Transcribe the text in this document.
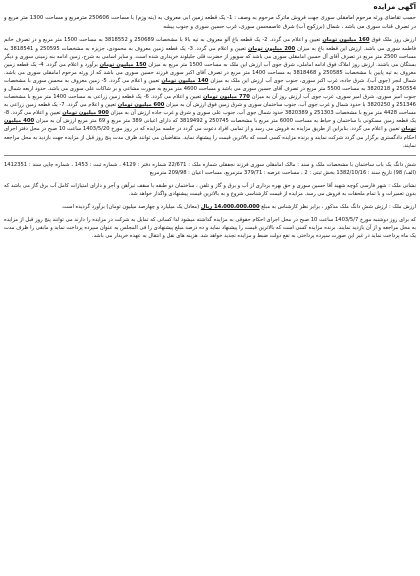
آگهی مزایده
حسب تقاضای ورثه مرحوم امامقلی سوری جهت فروش ماترک مرحوم به وصف : 1- یک قطعه زمین ابی معروف به (بنه وزم) با مساحت 250606 مترمربع و مساحت 1300 متر مربع و در تصرف قنات سوری می باشد ، شمال (برزکوچ آب) شرق عاصمحسن سوری، غرب حسین سوری و جنوب بیشه
ارزش روز ملک فوق 160 میلیون تومان تعیین و اعلام می گردد. 2- یک قطعه باغ آلو معروف به تپه بالا با مشخصات 250689 و 3818552 به مساحت 1500 متر مربع و در تصرف خانم فاطمه سوری می باشد. ارزش این قطعه باغ به میزان 200 میلیون تومان تعیین و اعلام می گردد. 3- یک قطعه زمین معروف به محمودی، جزیزه به مشخصات 250595 و 3818541 به مساحت 2500 متر مربع در تصرف آقای آل حسین امامقلی سوری می باشد که سوپور از حضرت قلی جلیلوند خریداری شده است. و سایر اسامی به شرح، زمین ادامه بنه زمینی سوری و دیگر بستگان می باشند. ارزش روز املاک فوق ادامه اماملی، شرق جوی آب ارزش این ملک به مساحت 1500 متر مربع به میزان 150 میلیون تومان برآورد و اعلام می گردد. 4- یک قطعه زمین معروف به تپه پایین با مشخصات 250585 و 3818468 به مساحت 1400 متر مربع در تصرف آقای اکبر سوری فرزند حسین سوری می باشد که از ورثه مرحوم امامقلی سوری می باشد. شمال لنجر (جوی آب)، شرق جاده، غرب اکبر سوری، جنوب جوی آب ارزش این ملک به میزان 140 میلیون تومان تعیین و اعلام می گردد. 5- زمین معروف به محسن سوری با مشخصات 250554 و 3820218 به مساحت 5500 متر مربع در تصرف آقای حسین سوری می باشد و مساحت 4600 متر مربع به صورت مشاعی و بر شاکات علی سوری می باشد. حدود اربعه شمال و جنوب امیر سوری، شرق امیر سوری، غرب جوی آب ارزش روز آن به میزان 770 میلیون تومان تعیین و اعلام می گردد. 6- یک قطعه زمین زراعی به مساحت 1400 متر مربع با مشخصات 251346 و 3820250 با حدود شمال و غرب جوی آب، جنوب ساختمان سوری و شرق زمین فوق ارزش آن به میزان 600 میلیون تومان تعیین و اعلام می گردد. 7- یک قطعه زمین زراعی به مساحت 4428 متر مربع با مشخصات 251303 و 3820389 حدود شمال جوی آب، جنوب علی سوری و شرق و غرب جاده ارزش آن به میزان 900 میلیون تومان تعیین و اعلام می گردد. 8- یک قطعه زمین مسکونی با ساختمان و حیاط به مساحت 6000 متر مربع با مشخصات 250745 و 3819492 که دارای اعیانی 389 متر مربع و 69 متر مربع ارزش آن به میزان 400 میلیون تومان تعیین و اعلام می گردد. بنابراین از طریق مزایده به فروش می رسد و از تمامی افراد دعوت می گردد در جلسه مزایده که در روز مورخ 1403/5/20 ساعت 10 صبح در محل دفتر اجرای احکام دادگستری برگزار می گردد شرکت نمایند و برنده مزایده کسی است که بالاترین قیمت را پیشنهاد نماید. متقاضیان می توانند ظرف مدت پنج روز قبل از مزایده جهت بازدید به محل مراجعه نمایند.
شش دانگ یک باب ساختمان با مشخصات ملک و سند : مالک امامقلی سوری فرزند نجفقلی شماره ملک : 22/671 شماره دفتر : 4129 ، شماره ثبت : 1453 ، شماره چاپی سند : 1412351 (الف/ 98) تاریخ سند : 1382/10/16 بخش ثبتی : 2 ، مساحت عرصه : 379/71 مترمربع، مساحت اعیان : 209/98 مترمربع
نشانی ملک : شهر فارسی کوچه شهید آقا حسین سوری و حق بهره برداری از آب و برق و گاز و تلفن ، ساختمان دو طبقه با سقف تیرآهن و آجر و دارای امتیازات کامل آب برق گاز می باشد که بدون تعمیرات و با تمام ملحقات به فروش می رسد. مزایده از قیمت کارشناسی شروع و به بالاترین قیمت پیشنهادی واگذار خواهد شد.
ارزش ملک : ارزش شش دانگ ملک مذکور ، برابر نظر کارشناس به مبلغ 14،000،000،000 ریال (معادل یک میلیارد و چهارصد میلیون تومان) برآورد گردیده است.
که برای روز دوشنبه مورخ 1403/5/7 ساعت 10 صبح در محل اجرای احکام حقوقی به مزایده گذاشته میشود لذا کسانی که تمایل به شرکت در مزایده را دارند می توانند پنج روز قبل از مزایده به محل مراجعه و از آن بازدید نمایند. برنده مزایده کسی است که بالاترین قیمت را پیشنهاد نماید و ده درصد مبلغ پیشنهادی را فی المجلس به عنوان سپرده پرداخت نماید و مابقی را ظرف مدت یک ماه پرداخت نماید در غیر این صورت سپرده پرداختی به نفع دولت ضبط و مزایده تجدید خواهد شد. هزینه های نقل و انتقال به عهده خریدار می باشد.
